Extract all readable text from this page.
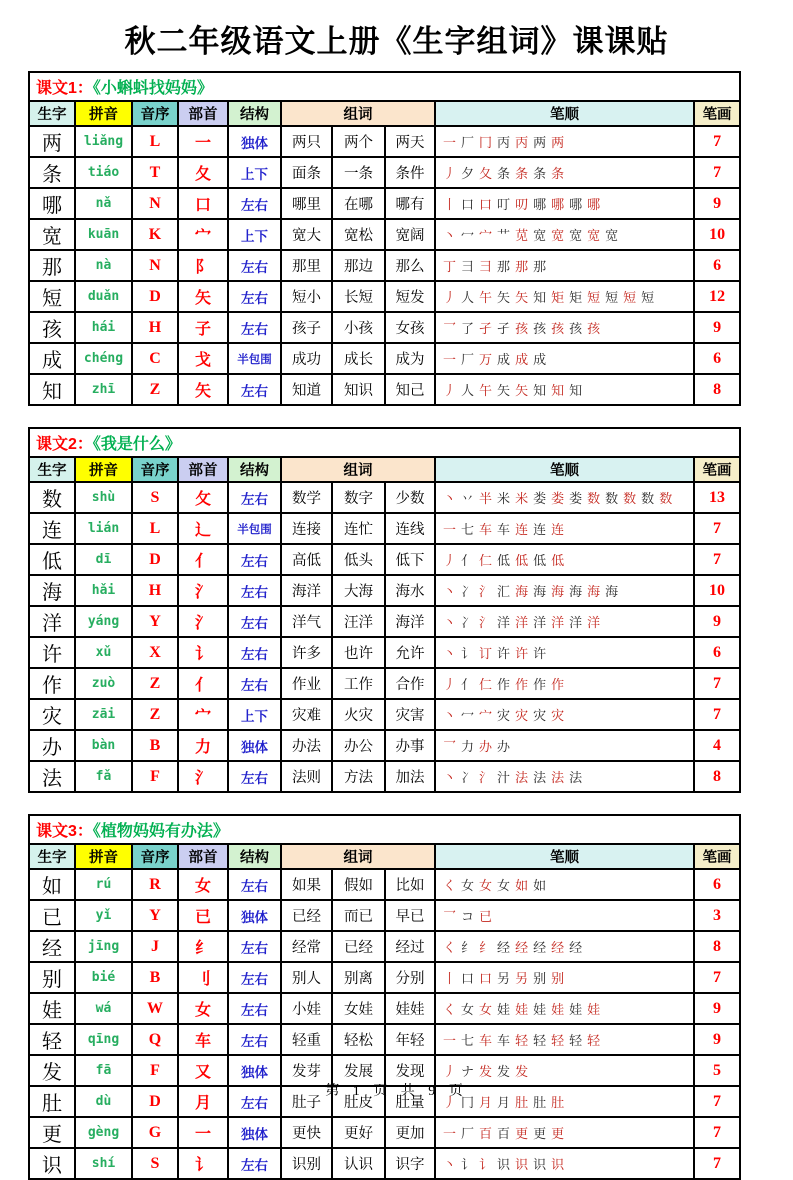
秋二年级语文上册《生字组词》课课贴
课文1：《小蝌蚪找妈妈》									
生字	拼音	音序	部首	结构	组词			笔顺	笔画
两	liǎng	L	一	独体	两只	两个	两天	一厂冂丙丙两两	7
条	tiáo	T	夂	上下	面条	一条	条件	丿夕夂条条条条	7
哪	nǎ	N	口	左右	哪里	在哪	哪有	丨口口叮叨哪哪哪哪	9
宽	kuān	K	宀	上下	宽大	宽松	宽阔	丶冖宀艹苋宽宽宽宽宽	10
那	nà	N	阝	左右	那里	那边	那么	丁彐彐那那那	6
短	duǎn	D	矢	左右	短小	长短	短发	丿人午矢矢知矩矩短短短短	12
孩	hái	H	子	左右	孩子	小孩	女孩	乛了孑孑孩孩孩孩孩	9
成	chéng	C	戈	半包围	成功	成长	成为	一厂万成成成	6
知	zhī	Z	矢	左右	知道	知识	知己	丿人午矢矢知知知	8
课文2：《我是什么》									
生字	拼音	音序	部首	结构	组词			笔顺	笔画
数	shù	S	攵	左右	数学	数字	少数	丶丷半米米娄娄娄数数数数数	13
连	lián	L	辶	半包围	连接	连忙	连线	一七车车连连连	7
低	dī	D	亻	左右	高低	低头	低下	丿亻仁低低低低	7
海	hǎi	H	氵	左右	海洋	大海	海水	丶冫氵汇海海海海海海	10
洋	yáng	Y	氵	左右	洋气	汪洋	海洋	丶冫氵洋洋洋洋洋洋	9
许	xǔ	X	讠	左右	许多	也许	允许	丶讠订许许许	6
作	zuò	Z	亻	左右	作业	工作	合作	丿亻仁作作作作	7
灾	zāi	Z	宀	上下	灾难	火灾	灾害	丶冖宀灾灾灾灾	7
办	bàn	B	力	独体	办法	办公	办事	乛力办办	4
法	fǎ	F	氵	左右	法则	方法	加法	丶冫氵汁法法法法	8
课文3：《植物妈妈有办法》									
生字	拼音	音序	部首	结构	组词			笔顺	笔画
如	rú	R	女	左右	如果	假如	比如	く女女女如如	6
已	yǐ	Y	已	独体	已经	而已	早已	乛コ已	3
经	jīng	J	纟	左右	经常	已经	经过	く纟纟经经经经经	8
别	bié	B	刂	左右	别人	别离	分别	丨口口另另别别	7
娃	wá	W	女	左右	小娃	女娃	娃娃	く女女娃娃娃娃娃娃	9
轻	qīng	Q	车	左右	轻重	轻松	年轻	一七车车轻轻轻轻轻	9
发	fā	F	又	独体	发芽	发展	发现	丿ナ发发发	5
肚	dù	D	月	左右	肚子	肚皮	肚量	丿冂月月肚肚肚	7
更	gèng	G	一	独体	更快	更好	更加	一厂百百更更更	7
识	shí	S	讠	左右	识别	认识	识字	丶讠讠识识识识	7
第 1 页 共 9 页
